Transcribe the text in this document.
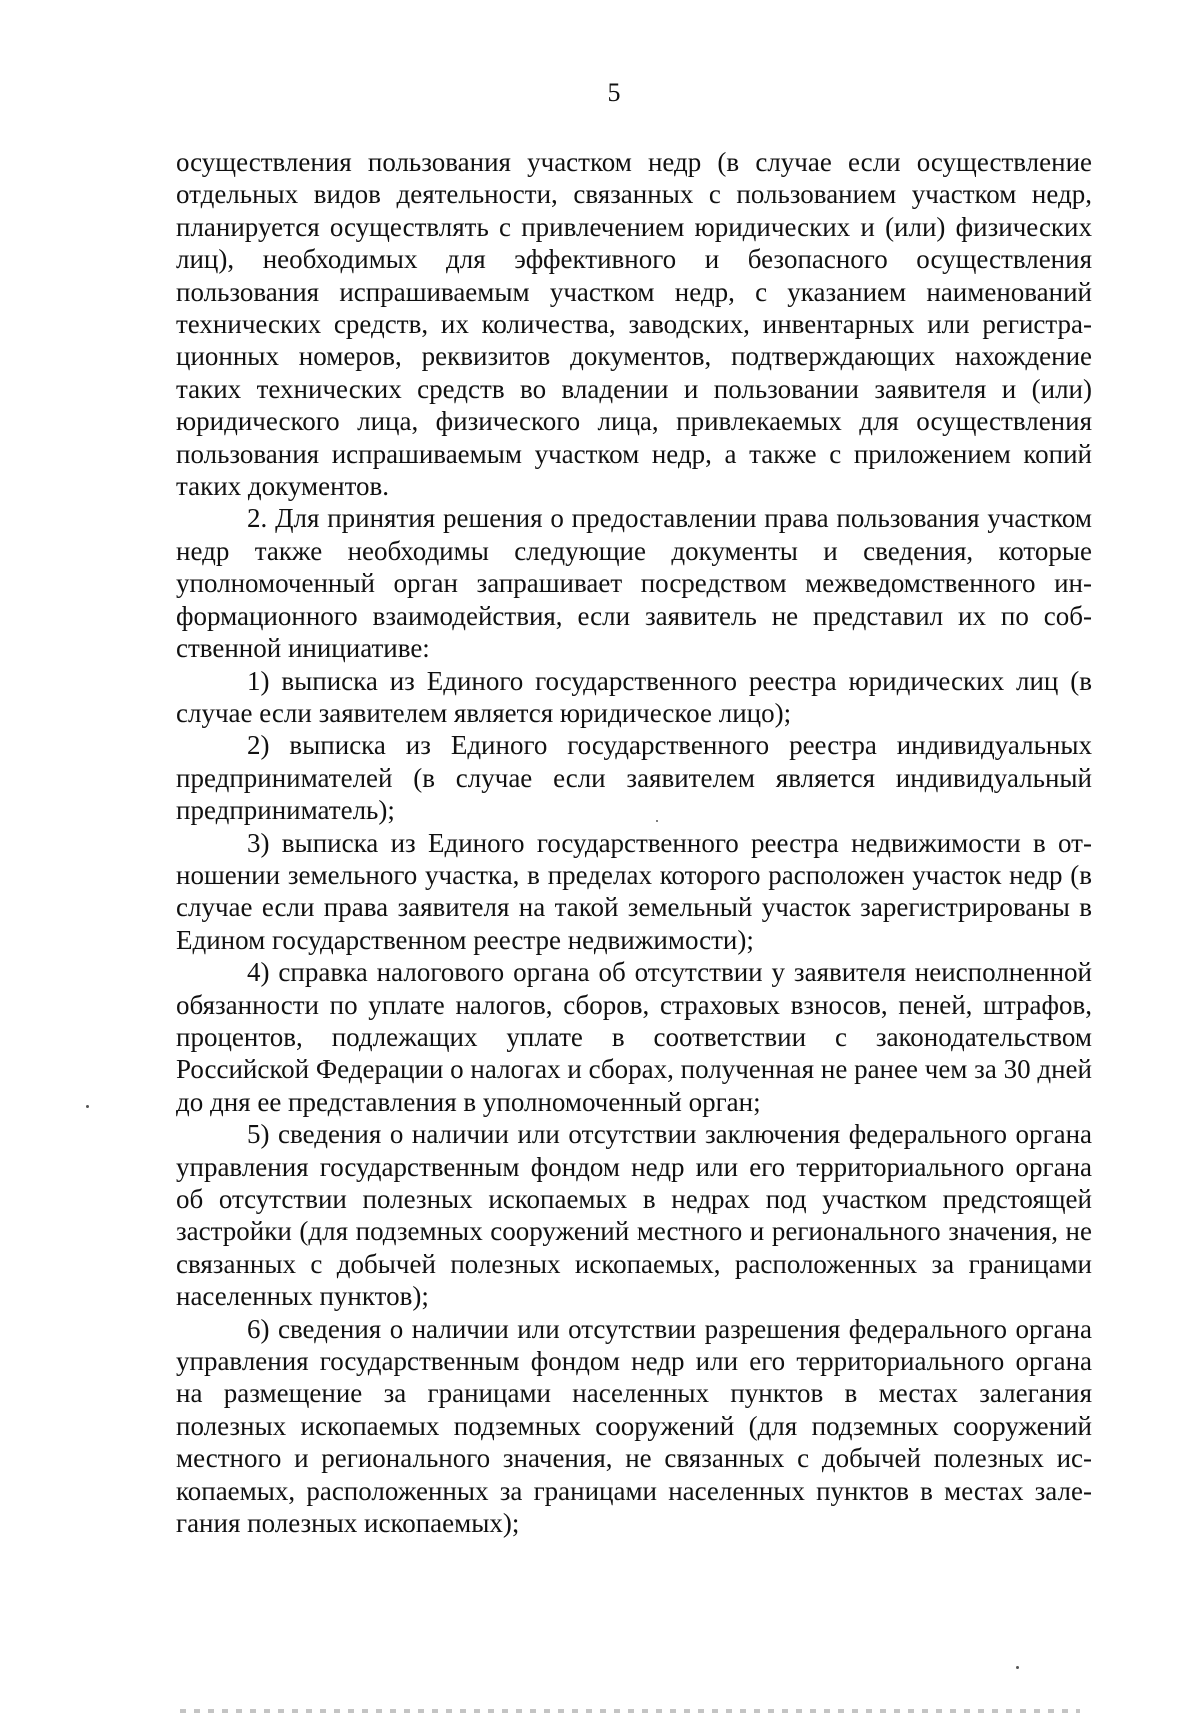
5

осуществления пользования участком недр (в случае если осуществление отдельных видов деятельности, связанных с пользованием участком недр, планируется осуществлять с привлечением юридических и (или) физических лиц), необходимых для эффективного и безопасного осуществления пользования испрашиваемым участком недр, с указанием наименований технических средств, их количества, заводских, инвентарных или регистрационных номеров, реквизитов документов, подтверждающих нахождение таких технических средств во владении и пользовании заявителя и (или) юридического лица, физического лица, привлекаемых для осуществления пользования испрашиваемым участком недр, а также с приложением копий таких документов.

2. Для принятия решения о предоставлении права пользования участком недр также необходимы следующие документы и сведения, которые уполномоченный орган запрашивает посредством межведомственного информационного взаимодействия, если заявитель не представил их по собственной инициативе:

1) выписка из Единого государственного реестра юридических лиц (в случае если заявителем является юридическое лицо);

2) выписка из Единого государственного реестра индивидуальных предпринимателей (в случае если заявителем является индивидуальный предприниматель);

3) выписка из Единого государственного реестра недвижимости в отношении земельного участка, в пределах которого расположен участок недр (в случае если права заявителя на такой земельный участок зарегистрированы в Едином государственном реестре недвижимости);

4) справка налогового органа об отсутствии у заявителя неисполненной обязанности по уплате налогов, сборов, страховых взносов, пеней, штрафов, процентов, подлежащих уплате в соответствии с законодательством Российской Федерации о налогах и сборах, полученная не ранее чем за 30 дней до дня ее представления в уполномоченный орган;

5) сведения о наличии или отсутствии заключения федерального органа управления государственным фондом недр или его территориального органа об отсутствии полезных ископаемых в недрах под участком предстоящей застройки (для подземных сооружений местного и регионального значения, не связанных с добычей полезных ископаемых, расположенных за границами населенных пунктов);

6) сведения о наличии или отсутствии разрешения федерального органа управления государственным фондом недр или его территориального органа на размещение за границами населенных пунктов в местах залегания полезных ископаемых подземных сооружений (для подземных сооружений местного и регионального значения, не связанных с добычей полезных ископаемых, расположенных за границами населенных пунктов в местах залегания полезных ископаемых);
